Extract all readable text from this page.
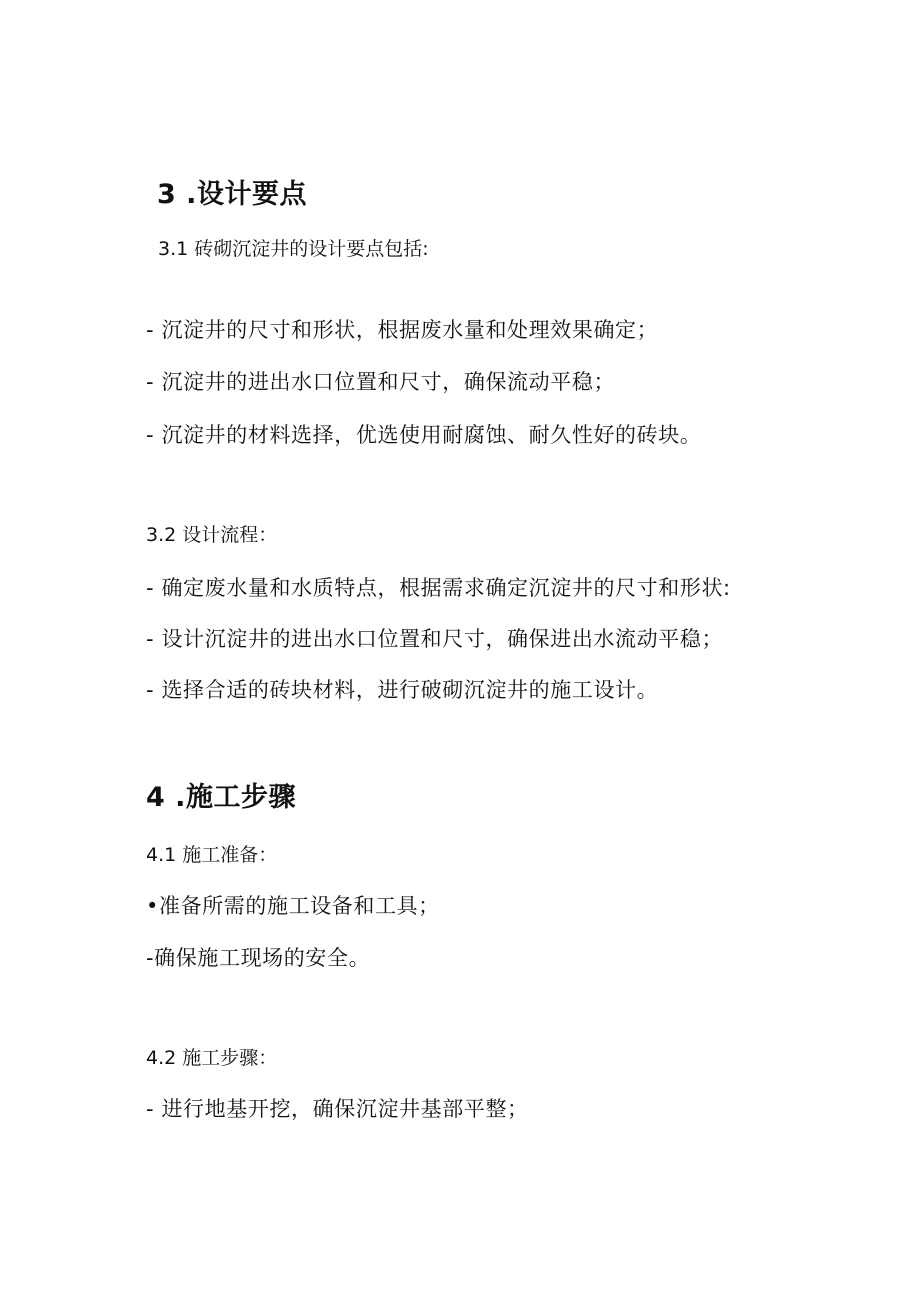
3 .设计要点
3.1 砖砌沉淀井的设计要点包括:
- 沉淀井的尺寸和形状，根据废水量和处理效果确定；
- 沉淀井的进出水口位置和尺寸，确保流动平稳；
- 沉淀井的材料选择，优选使用耐腐蚀、耐久性好的砖块。
3.2 设计流程：
- 确定废水量和水质特点，根据需求确定沉淀井的尺寸和形状:
- 设计沉淀井的进出水口位置和尺寸，确保进出水流动平稳；
- 选择合适的砖块材料，进行破砌沉淀井的施工设计。
4 .施工步骤
4.1 施工准备：
•准备所需的施工设备和工具；
-确保施工现场的安全。
4.2 施工步骤：
- 进行地基开挖，确保沉淀井基部平整；
